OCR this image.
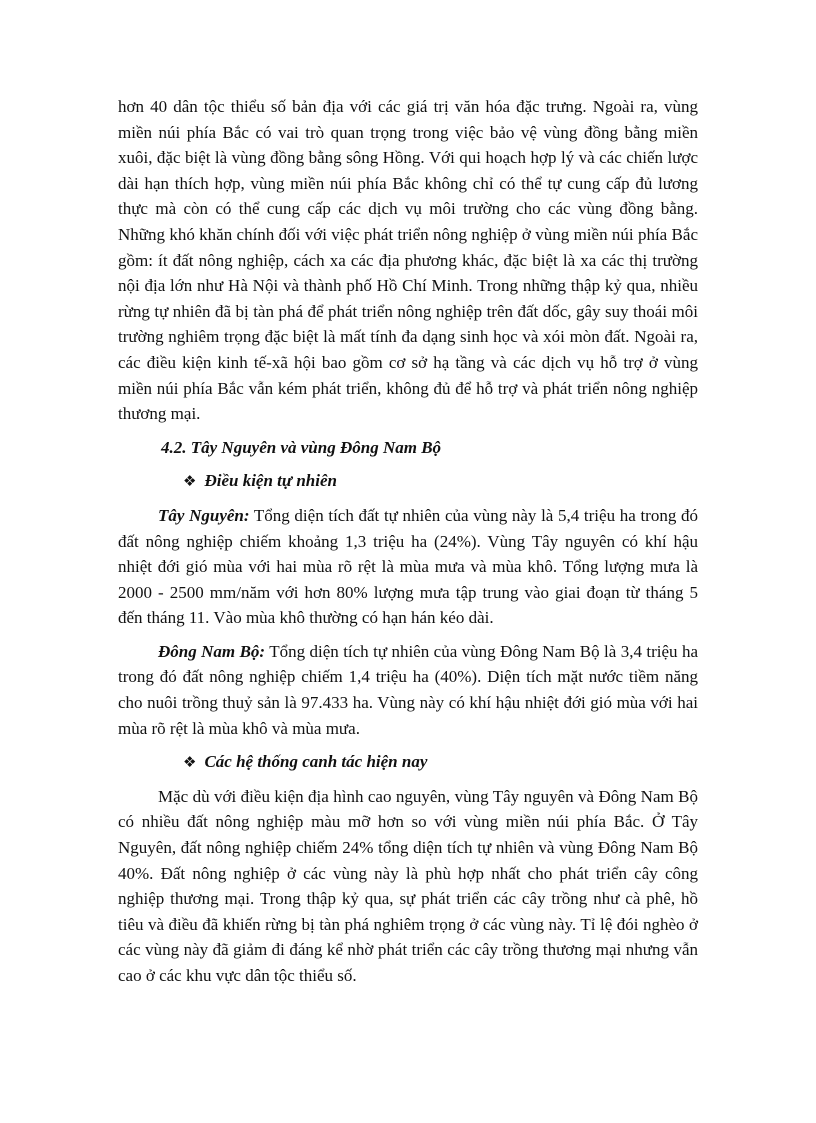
hơn 40 dân tộc thiểu số bản địa với các giá trị văn hóa đặc trưng. Ngoài ra, vùng miền núi phía Bắc có vai trò quan trọng trong việc bảo vệ vùng đồng bằng miền xuôi, đặc biệt là vùng đồng bằng sông Hồng. Với qui hoạch hợp lý và các chiến lược dài hạn thích hợp, vùng miền núi phía Bắc không chỉ có thể tự cung cấp đủ lương thực mà còn có thể cung cấp các dịch vụ môi trường cho các vùng đồng bằng. Những khó khăn chính đối với việc phát triển nông nghiệp ở vùng miền núi phía Bắc gồm: ít đất nông nghiệp, cách xa các địa phương khác, đặc biệt là xa các thị trường nội địa lớn như Hà Nội và thành phố Hồ Chí Minh. Trong những thập kỷ qua, nhiều rừng tự nhiên đã bị tàn phá để phát triển nông nghiệp trên đất dốc, gây suy thoái môi trường nghiêm trọng đặc biệt là mất tính đa dạng sinh học và xói mòn đất. Ngoài ra, các điều kiện kinh tế-xã hội bao gồm cơ sở hạ tầng và các dịch vụ hỗ trợ ở vùng miền núi phía Bắc vẫn kém phát triển, không đủ để hỗ trợ và phát triển nông nghiệp thương mại.

4.2. Tây Nguyên và vùng Đông Nam Bộ

❖ Điều kiện tự nhiên

Tây Nguyên: Tổng diện tích đất tự nhiên của vùng này là 5,4 triệu ha trong đó đất nông nghiệp chiếm khoảng 1,3 triệu ha (24%). Vùng Tây nguyên có khí hậu nhiệt đới gió mùa với hai mùa rõ rệt là mùa mưa và mùa khô. Tổng lượng mưa là 2000 - 2500 mm/năm với hơn 80% lượng mưa tập trung vào giai đoạn từ tháng 5 đến tháng 11. Vào mùa khô thường có hạn hán kéo dài.

Đông Nam Bộ: Tổng diện tích tự nhiên của vùng Đông Nam Bộ là 3,4 triệu ha trong đó đất nông nghiệp chiếm 1,4 triệu ha (40%). Diện tích mặt nước tiềm năng cho nuôi trồng thuỷ sản là 97.433 ha. Vùng này có khí hậu nhiệt đới gió mùa với hai mùa rõ rệt là mùa khô và mùa mưa.

❖ Các hệ thống canh tác hiện nay

Mặc dù với điều kiện địa hình cao nguyên, vùng Tây nguyên và Đông Nam Bộ có nhiều đất nông nghiệp màu mỡ hơn so với vùng miền núi phía Bắc. Ở Tây Nguyên, đất nông nghiệp chiếm 24% tổng diện tích tự nhiên và vùng Đông Nam Bộ 40%. Đất nông nghiệp ở các vùng này là phù hợp nhất cho phát triển cây công nghiệp thương mại. Trong thập kỷ qua, sự phát triển các cây trồng như cà phê, hồ tiêu và điều đã khiến rừng bị tàn phá nghiêm trọng ở các vùng này. Tỉ lệ đói nghèo ở các vùng này đã giảm đi đáng kể nhờ phát triển các cây trồng thương mại nhưng vẫn cao ở các khu vực dân tộc thiểu số.
